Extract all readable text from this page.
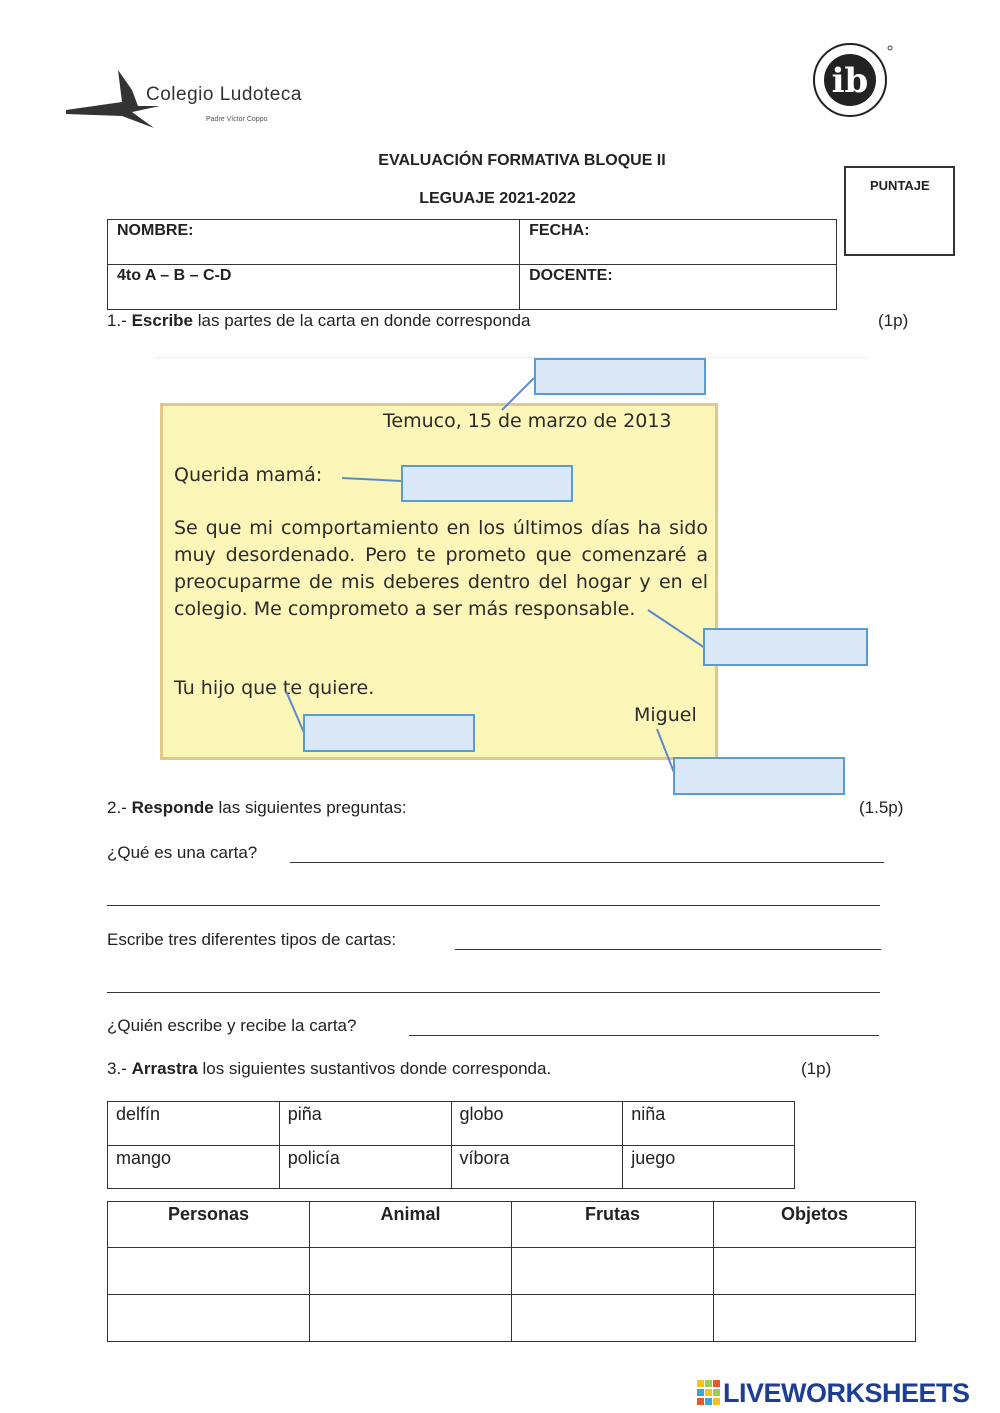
Colegio Ludoteca
Padre Víctor Coppo
ib
EVALUACIÓN FORMATIVA BLOQUE II
LEGUAJE 2021-2022
PUNTAJE
NOMBRE:	FECHA:
4to A – B – C-D	DOCENTE:
1.- Escribe las partes de la carta en donde corresponda	(1p)
Temuco, 15 de marzo de 2013
Querida mamá:
Se que mi comportamiento en los últimos días ha sido muy desordenado. Pero te prometo que comenzaré a preocuparme de mis deberes dentro del hogar y en el colegio. Me comprometo a ser más responsable.
Tu hijo que te quiere.
Miguel
2.- Responde las siguientes preguntas:	(1.5p)
¿Qué es una carta?
Escribe tres diferentes tipos de cartas:
¿Quién escribe y recibe la carta?
3.- Arrastra los siguientes sustantivos donde corresponda.	(1p)
delfín	piña	globo	niña
mango	policía	víbora	juego
Personas	Animal	Frutas	Objetos

LIVEWORKSHEETS
